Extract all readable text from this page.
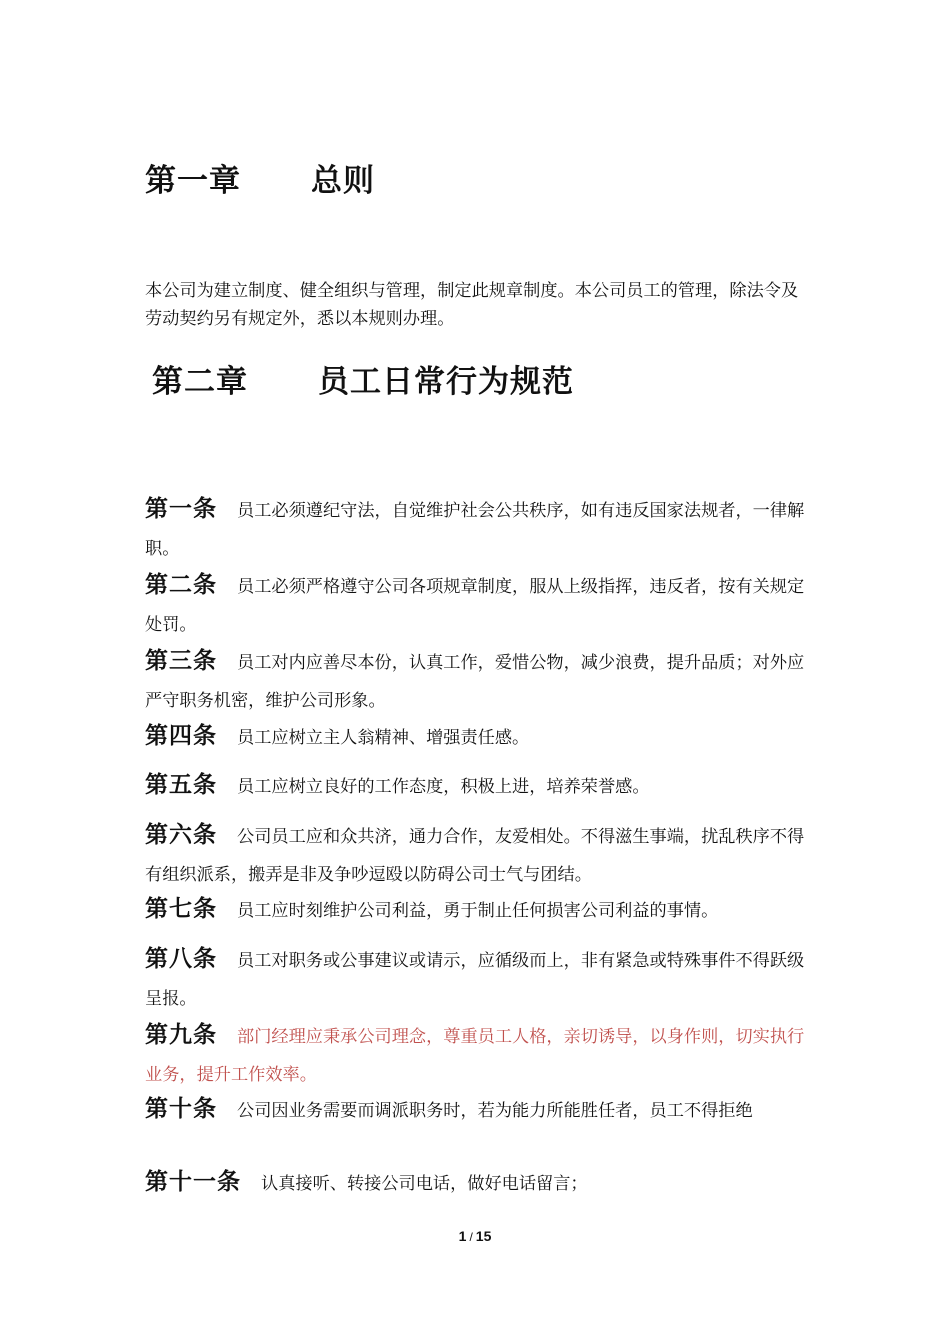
第一章 总则
本公司为建立制度、健全组织与管理，制定此规章制度。本公司员工的管理，除法令及劳动契约另有规定外，悉以本规则办理。
第二章 员工日常行为规范
第一条 员工必须遵纪守法，自觉维护社会公共秩序，如有违反国家法规者，一律解职。
第二条 员工必须严格遵守公司各项规章制度，服从上级指挥，违反者，按有关规定处罚。
第三条 员工对内应善尽本份，认真工作，爱惜公物，减少浪费，提升品质；对外应严守职务机密，维护公司形象。
第四条 员工应树立主人翁精神、增强责任感。
第五条 员工应树立良好的工作态度，积极上进，培养荣誉感。
第六条 公司员工应和众共济，通力合作，友爱相处。不得滋生事端，扰乱秩序不得有组织派系，搬弄是非及争吵逗殴以防碍公司士气与团结。
第七条 员工应时刻维护公司利益，勇于制止任何损害公司利益的事情。
第八条 员工对职务或公事建议或请示，应循级而上，非有紧急或特殊事件不得跃级呈报。
第九条 部门经理应秉承公司理念，尊重员工人格，亲切诱导，以身作则，切实执行业务，提升工作效率。
第十条 公司因业务需要而调派职务时，若为能力所能胜任者，员工不得拒绝
第十一条 认真接听、转接公司电话，做好电话留言；
1 / 15
